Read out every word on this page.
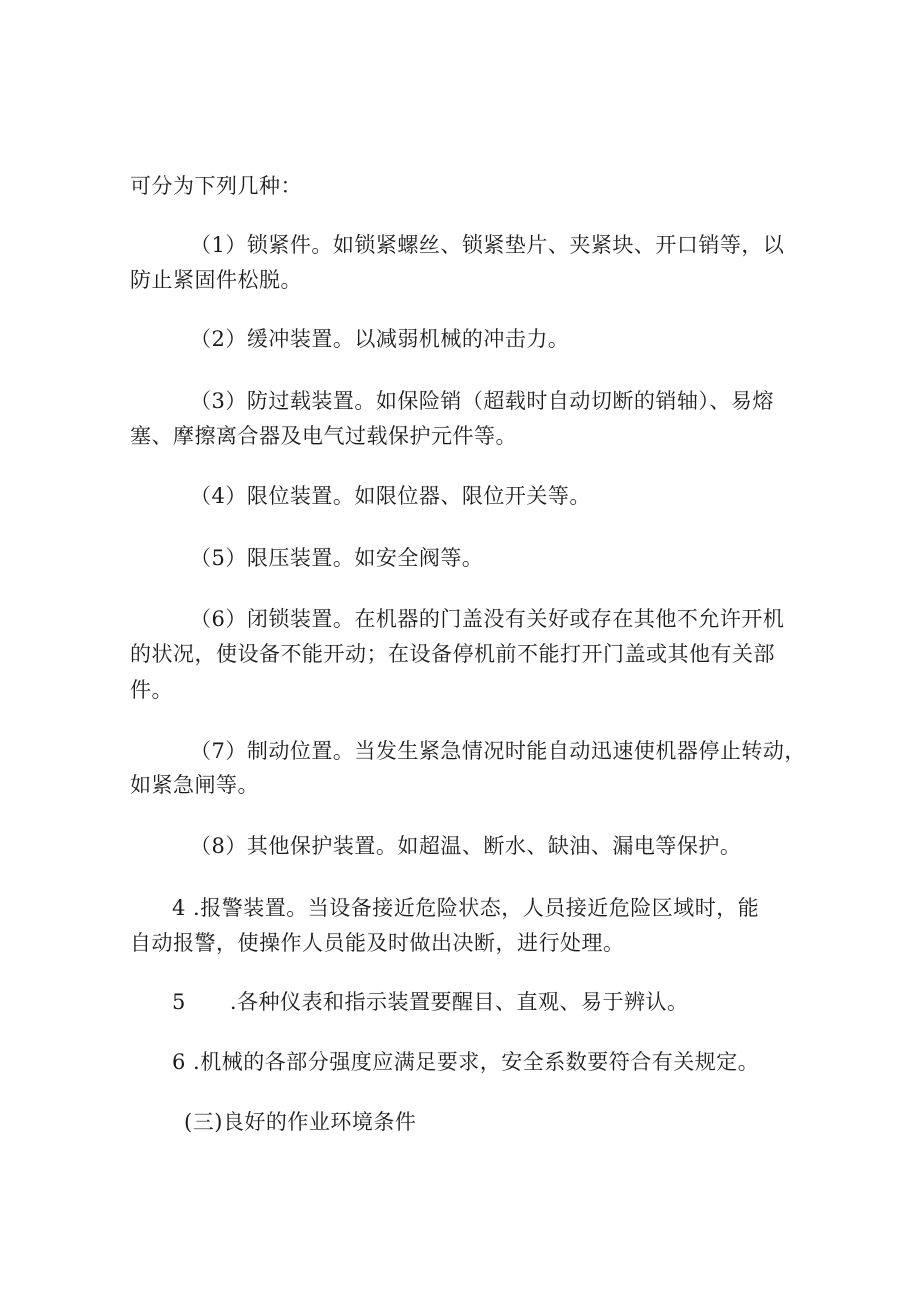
可分为下列几种：
（1）锁紧件。如锁紧螺丝、锁紧垫片、夹紧块、开口销等，以
防止紧固件松脱。
（2）缓冲装置。以减弱机械的冲击力。
（3）防过载装置。如保险销（超载时自动切断的销轴）、易熔
塞、摩擦离合器及电气过载保护元件等。
（4）限位装置。如限位器、限位开关等。
（5）限压装置。如安全阀等。
（6）闭锁装置。在机器的门盖没有关好或存在其他不允许开机
的状况，使设备不能开动；在设备停机前不能打开门盖或其他有关部
件。
（7）制动位置。当发生紧急情况时能自动迅速使机器停止转动，
如紧急闸等。
（8）其他保护装置。如超温、断水、缺油、漏电等保护。
4 .报警装置。当设备接近危险状态，人员接近危险区域时，能
自动报警，使操作人员能及时做出决断，进行处理。
5 .各种仪表和指示装置要醒目、直观、易于辨认。
6 .机械的各部分强度应满足要求，安全系数要符合有关规定。
(三)良好的作业环境条件
